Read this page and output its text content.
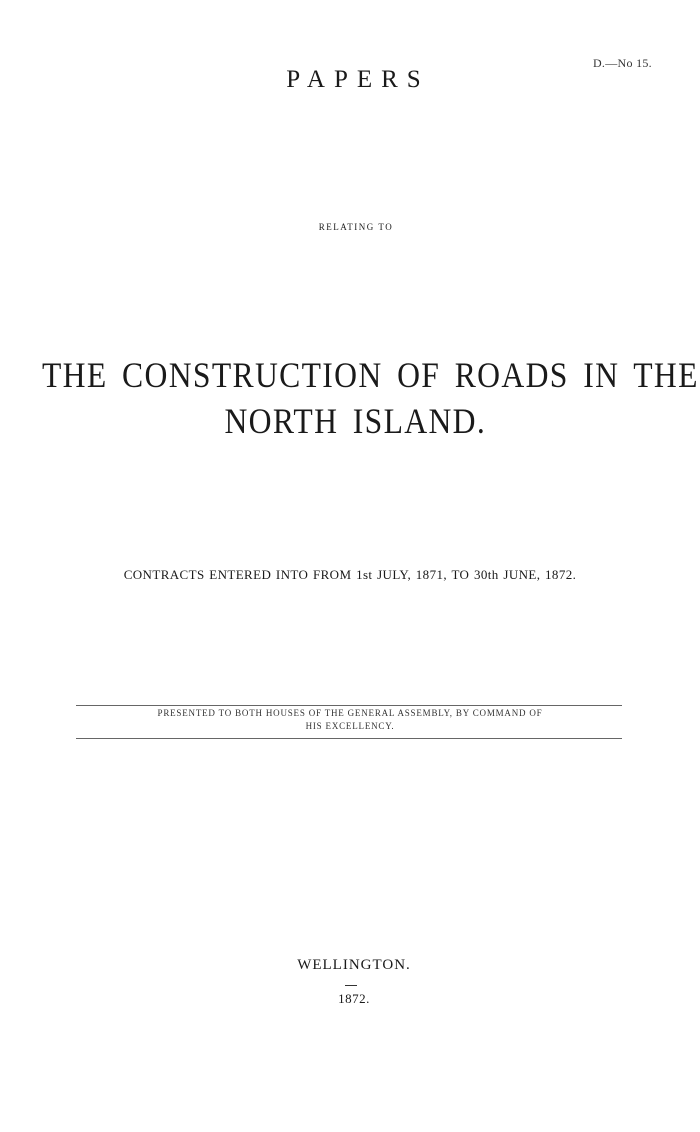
D.—No 15.
PAPERS
RELATING TO
THE CONSTRUCTION OF ROADS IN THE
NORTH ISLAND.
CONTRACTS ENTERED INTO FROM 1st JULY, 1871, TO 30th JUNE, 1872.
PRESENTED TO BOTH HOUSES OF THE GENERAL ASSEMBLY, BY COMMAND OF
HIS EXCELLENCY.
WELLINGTON.
1872.
